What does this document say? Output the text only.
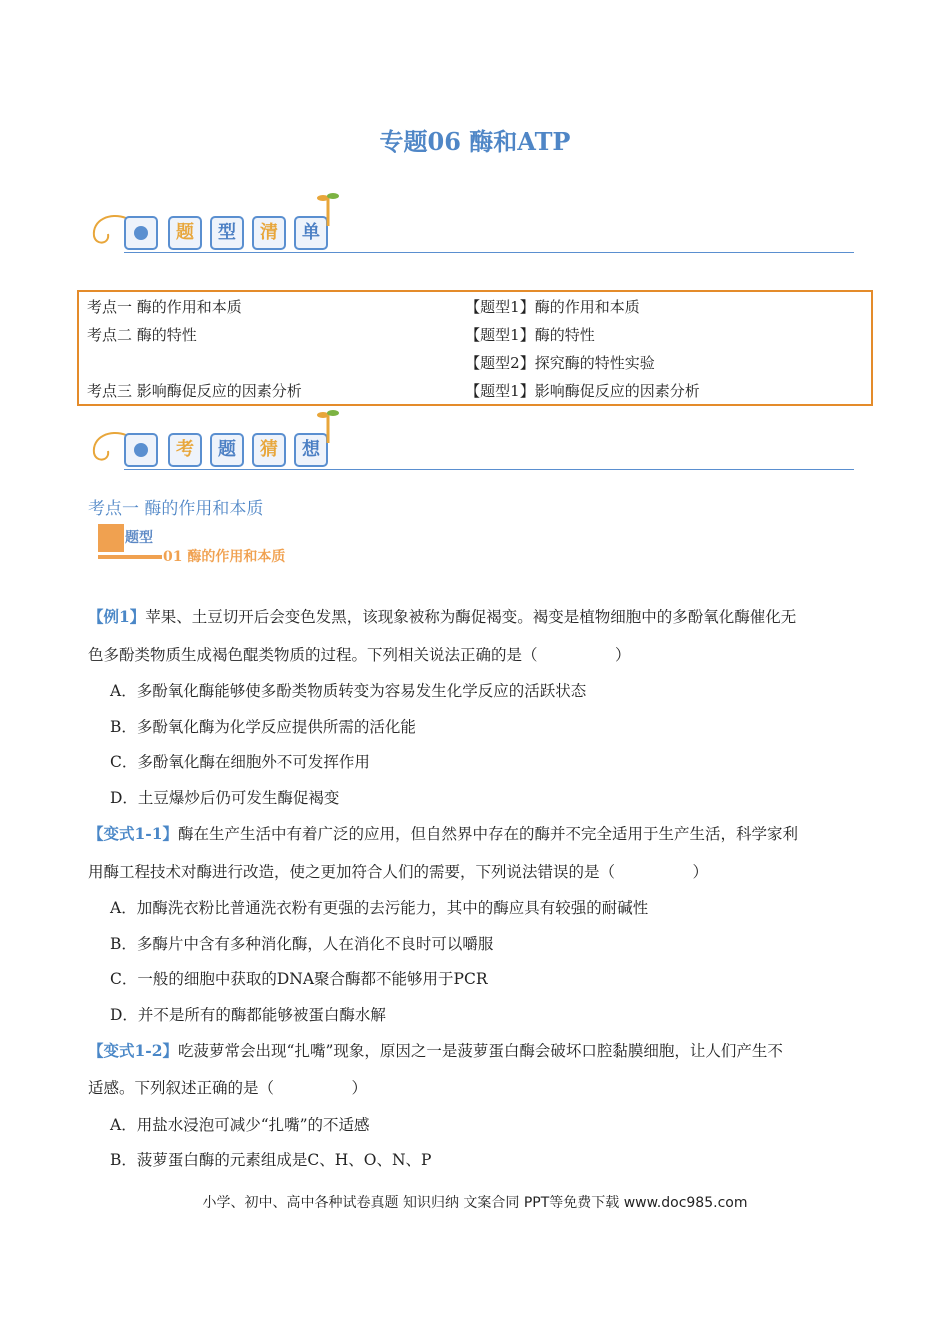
专题06 酶和ATP
题	型	清	单
考点一 酶的作用和本质	【题型1】酶的作用和本质
考点二 酶的特性	【题型1】酶的特性
	【题型2】探究酶的特性实验
考点三 影响酶促反应的因素分析	【题型1】影响酶促反应的因素分析
考	题	猜	想
考点一 酶的作用和本质
题型
01 酶的作用和本质
【例1】苹果、土豆切开后会变色发黑，该现象被称为酶促褐变。褐变是植物细胞中的多酚氧化酶催化无
色多酚类物质生成褐色醌类物质的过程。下列相关说法正确的是（　　　　　）
A．多酚氧化酶能够使多酚类物质转变为容易发生化学反应的活跃状态
B．多酚氧化酶为化学反应提供所需的活化能
C．多酚氧化酶在细胞外不可发挥作用
D．土豆爆炒后仍可发生酶促褐变
【变式1-1】酶在生产生活中有着广泛的应用，但自然界中存在的酶并不完全适用于生产生活，科学家利
用酶工程技术对酶进行改造，使之更加符合人们的需要，下列说法错误的是（　　　　　）
A．加酶洗衣粉比普通洗衣粉有更强的去污能力，其中的酶应具有较强的耐碱性
B．多酶片中含有多种消化酶，人在消化不良时可以嚼服
C．一般的细胞中获取的DNA聚合酶都不能够用于PCR
D．并不是所有的酶都能够被蛋白酶水解
【变式1-2】吃菠萝常会出现“扎嘴”现象，原因之一是菠萝蛋白酶会破坏口腔黏膜细胞，让人们产生不
适感。下列叙述正确的是（　　　　　）
A．用盐水浸泡可减少“扎嘴”的不适感
B．菠萝蛋白酶的元素组成是C、H、O、N、P
小学、初中、高中各种试卷真题 知识归纳 文案合同 PPT等免费下载 www.doc985.com
